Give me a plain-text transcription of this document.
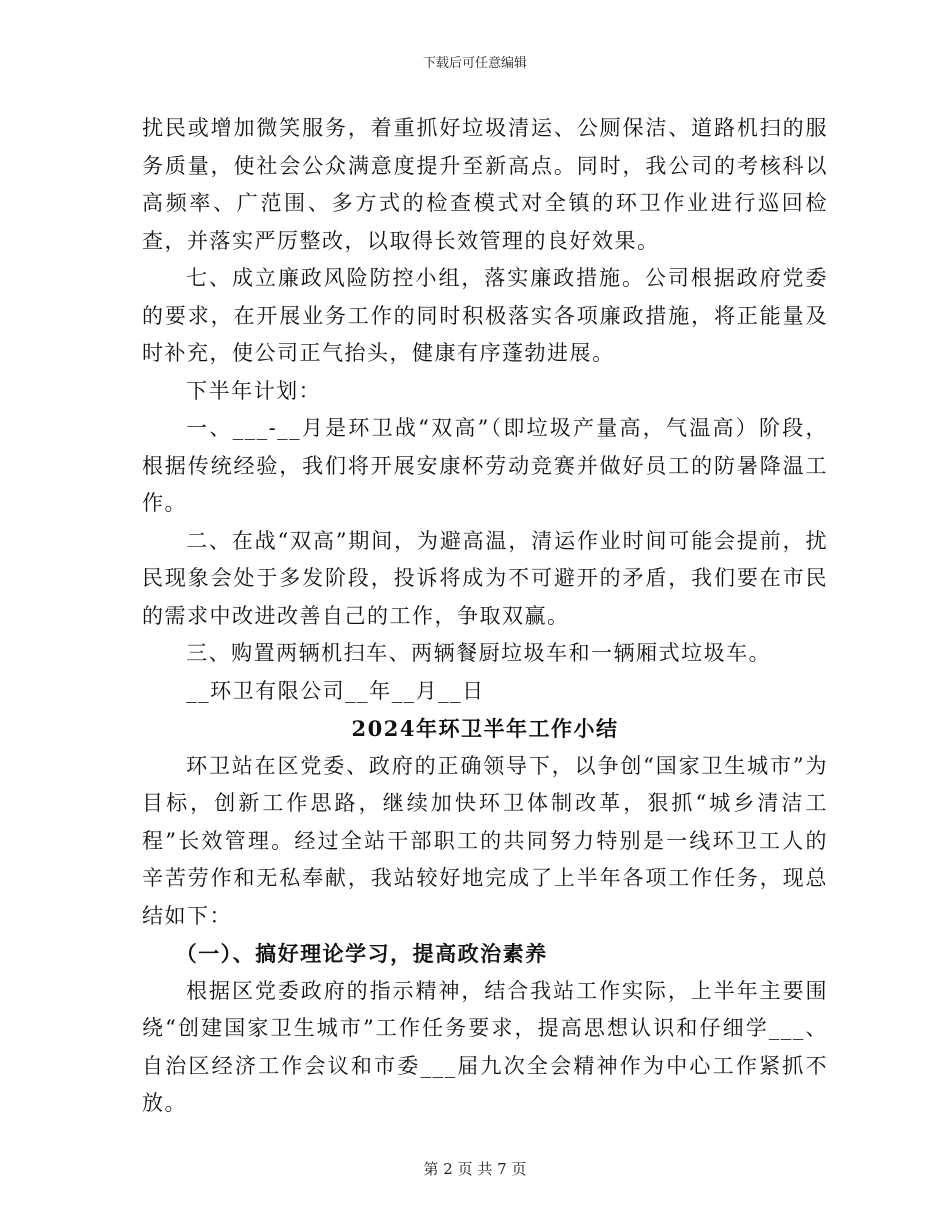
下载后可任意编辑

扰民或增加微笑服务，着重抓好垃圾清运、公厕保洁、道路机扫的服务质量，使社会公众满意度提升至新高点。同时，我公司的考核科以高频率、广范围、多方式的检查模式对全镇的环卫作业进行巡回检查，并落实严厉整改，以取得长效管理的良好效果。

七、成立廉政风险防控小组，落实廉政措施。公司根据政府党委的要求，在开展业务工作的同时积极落实各项廉政措施，将正能量及时补充，使公司正气抬头，健康有序蓬勃进展。

下半年计划：

一、___-__月是环卫战“双高”（即垃圾产量高，气温高）阶段，根据传统经验，我们将开展安康杯劳动竞赛并做好员工的防暑降温工作。

二、在战“双高”期间，为避高温，清运作业时间可能会提前，扰民现象会处于多发阶段，投诉将成为不可避开的矛盾，我们要在市民的需求中改进改善自己的工作，争取双赢。

三、购置两辆机扫车、两辆餐厨垃圾车和一辆厢式垃圾车。

__环卫有限公司__年__月__日

2024年环卫半年工作小结

环卫站在区党委、政府的正确领导下，以争创“国家卫生城市”为目标，创新工作思路，继续加快环卫体制改革，狠抓“城乡清洁工程”长效管理。经过全站干部职工的共同努力特别是一线环卫工人的辛苦劳作和无私奉献，我站较好地完成了上半年各项工作任务，现总结如下：

（一）、搞好理论学习，提高政治素养

根据区党委政府的指示精神，结合我站工作实际，上半年主要围绕“创建国家卫生城市”工作任务要求，提高思想认识和仔细学___、自治区经济工作会议和市委___届九次全会精神作为中心工作紧抓不放。

第 2 页 共 7 页
